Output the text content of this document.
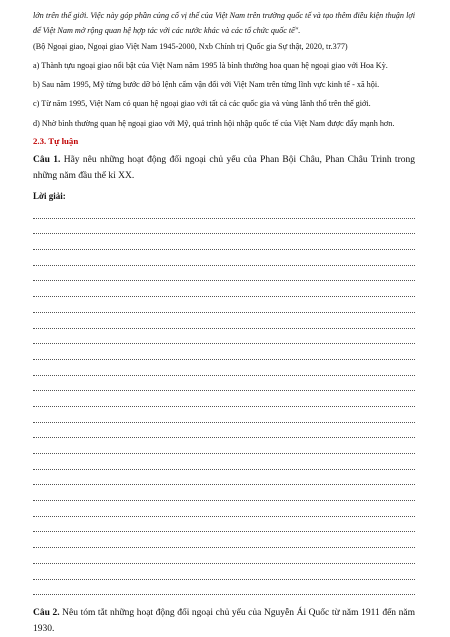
lớn trên thế giới. Việc này góp phần củng cố vị thế của Việt Nam trên trường quốc tế và tạo thêm điều kiện thuận lợi để Việt Nam mở rộng quan hệ hợp tác với các nước khác và các tổ chức quốc tế".

(Bộ Ngoại giao, Ngoại giao Việt Nam 1945-2000, Nxb Chính trị Quốc gia Sự thật, 2020, tr.377)

a) Thành tựu ngoại giao nổi bật của Việt Nam năm 1995 là bình thường hoa quan hệ ngoại giao với Hoa Kỳ.

b) Sau năm 1995, Mỹ từng bước dỡ bỏ lệnh cấm vận đối với Việt Nam trên từng lĩnh vực kinh tế - xã hội.

c) Từ năm 1995, Việt Nam có quan hệ ngoại giao với tất cả các quốc gia và vùng lãnh thổ trên thế giới.

d) Nhờ bình thường quan hệ ngoại giao với Mỹ, quá trình hội nhập quốc tế của Việt Nam được đẩy mạnh hơn.

2.3. Tự luận

Câu 1. Hãy nêu những hoạt động đối ngoại chủ yếu của Phan Bội Châu, Phan Châu Trinh trong những năm đầu thế kỉ XX.

Lời giải:

Câu 2. Nêu tóm tắt những hoạt động đối ngoại chủ yếu của Nguyễn Ái Quốc từ năm 1911 đến năm 1930.
